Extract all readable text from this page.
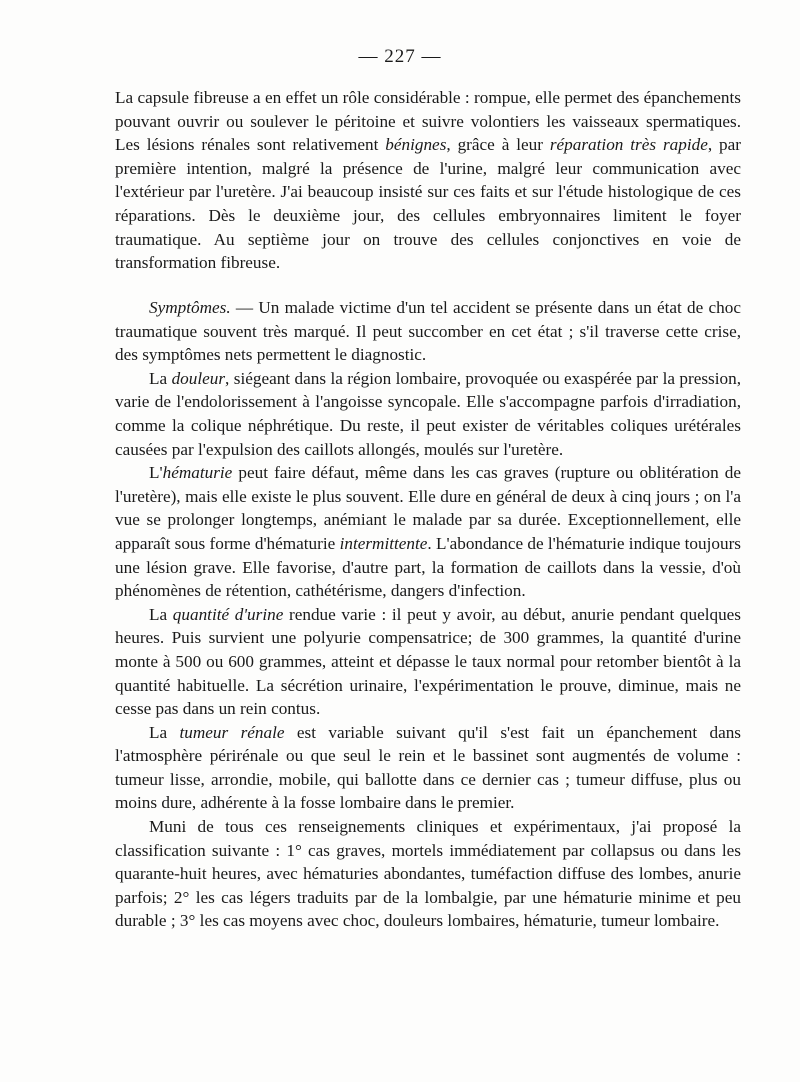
— 227 —

La capsule fibreuse a en effet un rôle considérable : rompue, elle permet des épanchements pouvant ouvrir ou soulever le péritoine et suivre volontiers les vaisseaux spermatiques. Les lésions rénales sont relativement bénignes, grâce à leur réparation très rapide, par première intention, malgré la présence de l'urine, malgré leur communication avec l'extérieur par l'uretère. J'ai beaucoup insisté sur ces faits et sur l'étude histologique de ces réparations. Dès le deuxième jour, des cellules embryonnaires limitent le foyer traumatique. Au septième jour on trouve des cellules conjonctives en voie de transformation fibreuse.

Symptômes. — Un malade victime d'un tel accident se présente dans un état de choc traumatique souvent très marqué. Il peut succomber en cet état ; s'il traverse cette crise, des symptômes nets permettent le diagnostic.

La douleur, siégeant dans la région lombaire, provoquée ou exaspérée par la pression, varie de l'endolorissement à l'angoisse syncopale. Elle s'accompagne parfois d'irradiation, comme la colique néphrétique. Du reste, il peut exister de véritables coliques urétérales causées par l'expulsion des caillots allongés, moulés sur l'uretère.

L'hématurie peut faire défaut, même dans les cas graves (rupture ou oblitération de l'uretère), mais elle existe le plus souvent. Elle dure en général de deux à cinq jours ; on l'a vue se prolonger longtemps, anémiant le malade par sa durée. Exceptionnellement, elle apparaît sous forme d'hématurie intermittente. L'abondance de l'hématurie indique toujours une lésion grave. Elle favorise, d'autre part, la formation de caillots dans la vessie, d'où phénomènes de rétention, cathétérisme, dangers d'infection.

La quantité d'urine rendue varie : il peut y avoir, au début, anurie pendant quelques heures. Puis survient une polyurie compensatrice; de 300 grammes, la quantité d'urine monte à 500 ou 600 grammes, atteint et dépasse le taux normal pour retomber bientôt à la quantité habituelle. La sécrétion urinaire, l'expérimentation le prouve, diminue, mais ne cesse pas dans un rein contus.

La tumeur rénale est variable suivant qu'il s'est fait un épanchement dans l'atmosphère périrénale ou que seul le rein et le bassinet sont augmentés de volume : tumeur lisse, arrondie, mobile, qui ballotte dans ce dernier cas ; tumeur diffuse, plus ou moins dure, adhérente à la fosse lombaire dans le premier.

Muni de tous ces renseignements cliniques et expérimentaux, j'ai proposé la classification suivante : 1° cas graves, mortels immédiatement par collapsus ou dans les quarante-huit heures, avec hématuries abondantes, tuméfaction diffuse des lombes, anurie parfois; 2° les cas légers traduits par de la lombalgie, par une hématurie minime et peu durable ; 3° les cas moyens avec choc, douleurs lombaires, hématurie, tumeur lombaire.
